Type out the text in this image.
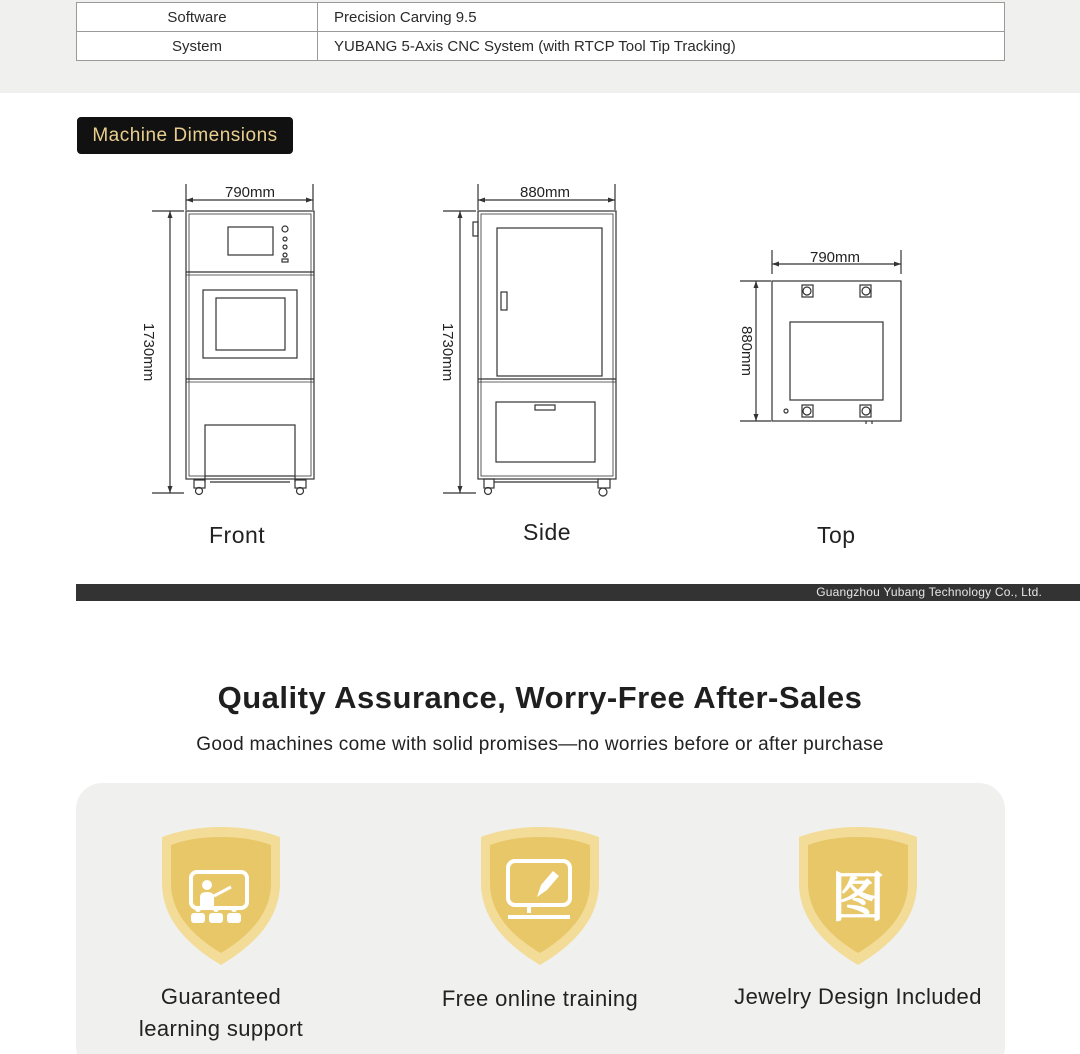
Software	Precision Carving 9.5
System	YUBANG 5-Axis CNC System (with RTCP Tool Tip Tracking)
Machine Dimensions
790mm
1730mm
880mm
1730mm
790mm
880mm
Front	Side	Top
Guangzhou Yubang Technology Co., Ltd.
Quality Assurance, Worry-Free After-Sales
Good machines come with solid promises—no worries before or after purchase
Guaranteed
learning support
Free online training
图
Jewelry Design Included
